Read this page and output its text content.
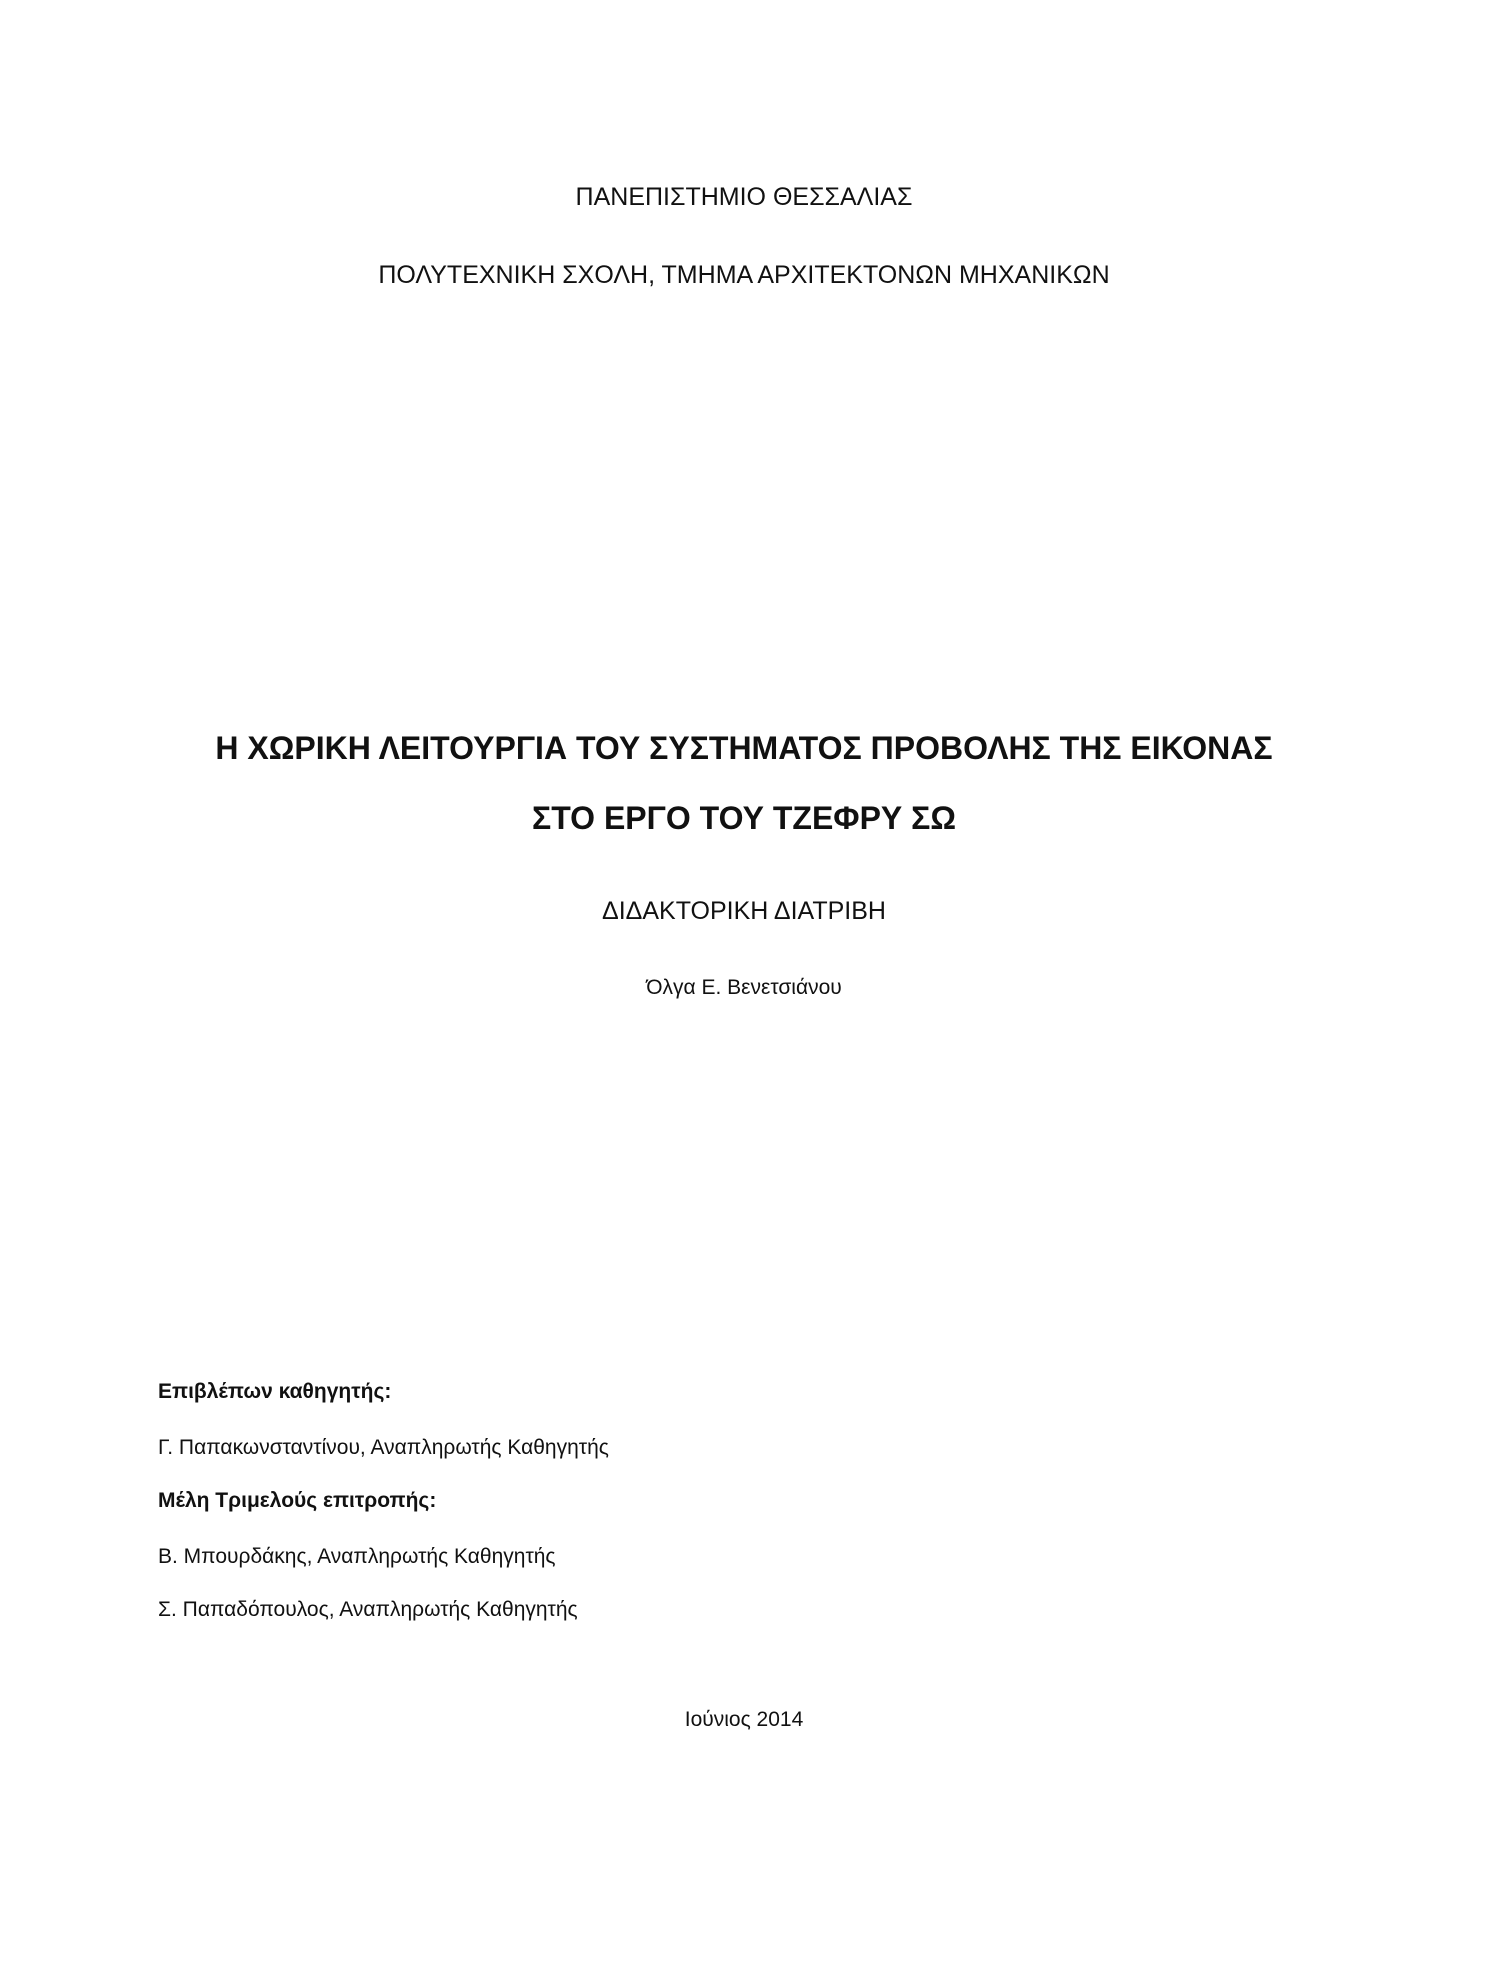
ΠΑΝΕΠΙΣΤΗΜΙΟ ΘΕΣΣΑΛΙΑΣ
ΠΟΛΥΤΕΧΝΙΚΗ ΣΧΟΛΗ, ΤΜΗΜΑ ΑΡΧΙΤΕΚΤΟΝΩΝ ΜΗΧΑΝΙΚΩΝ
Η ΧΩΡΙΚΗ ΛΕΙΤΟΥΡΓΙΑ ΤΟΥ ΣΥΣΤΗΜΑΤΟΣ ΠΡΟΒΟΛΗΣ ΤΗΣ ΕΙΚΟΝΑΣ
ΣΤΟ ΕΡΓΟ ΤΟΥ ΤΖΕΦΡΥ ΣΩ
ΔΙΔΑΚΤΟΡΙΚΗ ΔΙΑΤΡΙΒΗ
Όλγα Ε. Βενετσιάνου
Επιβλέπων καθηγητής:
Γ. Παπακωνσταντίνου, Αναπληρωτής Καθηγητής
Μέλη Τριμελούς επιτροπής:
Β. Μπουρδάκης, Αναπληρωτής Καθηγητής
Σ. Παπαδόπουλος, Αναπληρωτής Καθηγητής
Ιούνιος 2014
